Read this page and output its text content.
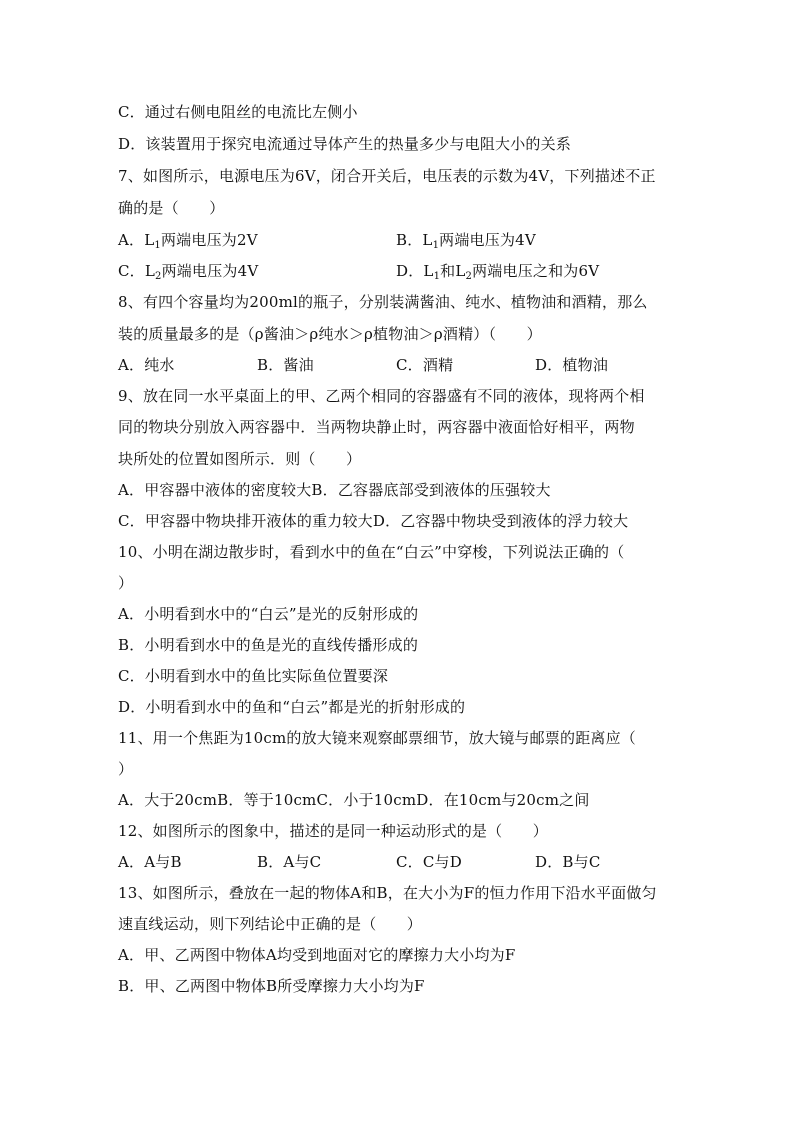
C．通过右侧电阻丝的电流比左侧小
D．该装置用于探究电流通过导体产生的热量多少与电阻大小的关系
7、如图所示，电源电压为6V，闭合开关后，电压表的示数为4V，下列描述不正
确的是（　　）
A．$L_1$两端电压为2V	B．$L_1$两端电压为4V
C．$L_2$两端电压为4V	D．$L_1$和$L_2$两端电压之和为6V
8、有四个容量均为200ml的瓶子，分别装满酱油、纯水、植物油和酒精，那么
装的质量最多的是（ρ酱油＞ρ纯水＞ρ植物油＞ρ酒精）（　　）
A．纯水	B．酱油	C．酒精	D．植物油
9、放在同一水平桌面上的甲、乙两个相同的容器盛有不同的液体，现将两个相
同的物块分别放入两容器中．当两物块静止时，两容器中液面恰好相平，两物
块所处的位置如图所示．则（　　）
A．甲容器中液体的密度较大B．乙容器底部受到液体的压强较大
C．甲容器中物块排开液体的重力较大D．乙容器中物块受到液体的浮力较大
10、小明在湖边散步时，看到水中的鱼在“白云”中穿梭，下列说法正确的（
）
A．小明看到水中的“白云”是光的反射形成的
B．小明看到水中的鱼是光的直线传播形成的
C．小明看到水中的鱼比实际鱼位置要深
D．小明看到水中的鱼和“白云”都是光的折射形成的
11、用一个焦距为10cm的放大镜来观察邮票细节，放大镜与邮票的距离应（
）
A．大于20cmB．等于10cmC．小于10cmD．在10cm与20cm之间
12、如图所示的图象中，描述的是同一种运动形式的是（　　）
A．A与B	B．A与C	C．C与D	D．B与C
13、如图所示，叠放在一起的物体A和B，在大小为F的恒力作用下沿水平面做匀
速直线运动，则下列结论中正确的是（　　）
A．甲、乙两图中物体A均受到地面对它的摩擦力大小均为F
B．甲、乙两图中物体B所受摩擦力大小均为F
